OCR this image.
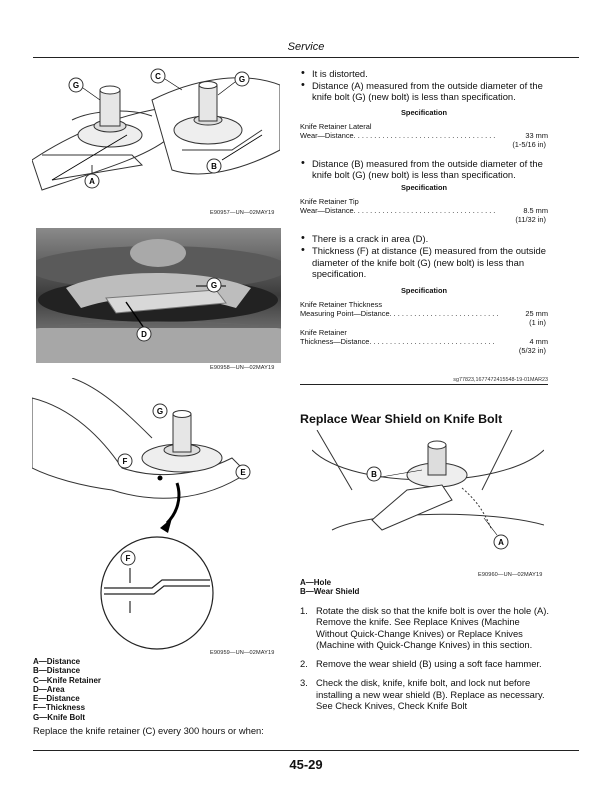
Service
G
C	G
B
A
E90957—UN—02MAY19
G
D
E90958—UN—02MAY19
G
F
E
F
E90959—UN—02MAY19
A—Distance
B—Distance
C—Knife Retainer
D—Area
E—Distance
F—Thickness
G—Knife Bolt
Replace the knife retainer (C) every 300 hours or when:
• It is distorted.
• Distance (A) measured from the outside diameter of the knife bolt (G) (new bolt) is less than specification.
Specification
Knife Retainer Lateral
Wear—Distance. . . . . . . . . . . . . . . . . . . . . . . . . . . . . . . . . . .	33 mm
(1-5/16 in)
• Distance (B) measured from the outside diameter of the knife bolt (G) (new bolt) is less than specification.
Specification
Knife Retainer Tip
Wear—Distance. . . . . . . . . . . . . . . . . . . . . . . . . . . . . . . . . . .	8.5 mm
(11/32 in)
• There is a crack in area (D).
• Thickness (F) at distance (E) measured from the outside diameter of the knife bolt (G) (new bolt) is less than specification.
Specification
Knife Retainer Thickness
Measuring Point—Distance. . . . . . . . . . . . . . . . . . . . . . . . . . .	25 mm
(1 in)
Knife Retainer
Thickness—Distance. . . . . . . . . . . . . . . . . . . . . . . . . . . . . . .	4 mm
(5/32 in)
sg77823,1677472415548-19-01MAR23
Replace Wear Shield on Knife Bolt
B
A
E90960—UN—02MAY19
A—Hole
B—Wear Shield
1. Rotate the disk so that the knife bolt is over the hole (A). Remove the knife. See Replace Knives (Machine Without Quick-Change Knives) or Replace Knives (Machine with Quick-Change Knives) in this section.
2. Remove the wear shield (B) using a soft face hammer.
3. Check the disk, knife, knife bolt, and lock nut before installing a new wear shield (B). Replace as necessary. See Check Knives, Check Knife Bolt
45-29
